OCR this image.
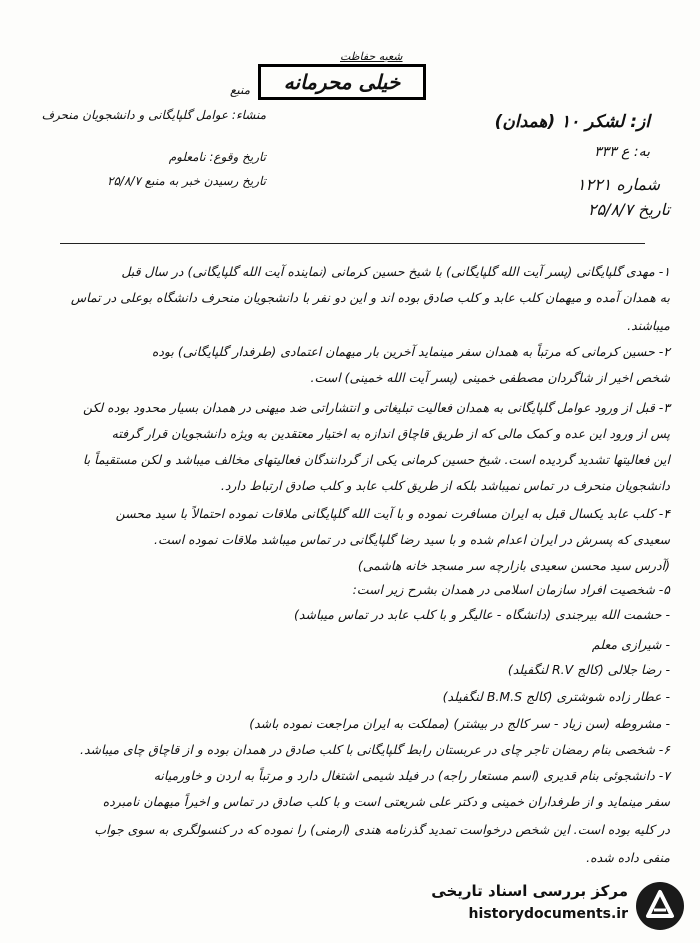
شعبه حفاظت
خیلی محرمانه
منبع
منشاء: عوامل گلپایگانی و دانشجویان منحرف
تاریخ وقوع: نامعلوم
تاریخ رسیدن خبر به منبع ۲۵/۸/۷
از: لشکر ۱۰ (همدان)
به: ع ۳۳۳
شماره ۱۲۲۱
تاریخ ۲۵/۸/۷
۱- مهدی گلپایگانی (پسر آیت الله گلپایگانی) با شیخ حسین کرمانی (نماینده آیت الله گلپایگانی) در سال قبل
به همدان آمده و میهمان کلب عابد و کلب صادق بوده اند و این دو نفر با دانشجویان منحرف دانشگاه بوعلی در تماس
میباشند.
۲- حسین کرمانی که مرتباً به همدان سفر مینماید آخرین بار میهمان اعتمادی (طرفدار گلپایگانی) بوده
شخص اخیر از شاگردان مصطفی خمینی (پسر آیت الله خمینی) است.
۳- قبل از ورود عوامل گلپایگانی به همدان فعالیت تبلیغاتی و انتشاراتی ضد میهنی در همدان بسیار محدود بوده لکن
پس از ورود این عده و کمک مالی که از طریق قاچاق اندازه به اختیار معتقدین به ویژه دانشجویان قرار گرفته
این فعالیتها تشدید گردیده است. شیخ حسین کرمانی یکی از گردانندگان فعالیتهای مخالف میباشد و لکن مستقیماً با
دانشجویان منحرف در تماس نمیباشد بلکه از طریق کلب عابد و کلب صادق ارتباط دارد.
۴- کلب عابد یکسال قبل به ایران مسافرت نموده و با آیت الله گلپایگانی ملاقات نموده احتمالاً با سید محسن
سعیدی که پسرش در ایران اعدام شده و با سید رضا گلپایگانی در تماس میباشد ملاقات نموده است.
(آدرس سید محسن سعیدی بازارچه سر مسجد خانه هاشمی)
۵- شخصیت افراد سازمان اسلامی در همدان بشرح زیر است:
- حشمت الله بیرجندی (دانشگاه - عالیگر و با کلب عابد در تماس میباشد)
- شیرازی معلم
- رضا جلالی (کالج R.V لنگفیلد)
- عطار زاده شوشتری (کالج B.M.S لنگفیلد)
- مشروطه (سن زیاد - سر کالج در بیشتر) (مملکت به ایران مراجعت نموده باشد)
۶- شخصی بنام رمضان تاجر چای در عربستان رابط گلپایگانی با کلب صادق در همدان بوده و از قاچاق چای میباشد.
۷- دانشجوئی بنام قدیری (اسم مستعار راجه) در فیلد شیمی اشتغال دارد و مرتباً به اردن و خاورمیانه
سفر مینماید و از طرفداران خمینی و دکتر علی شریعتی است و با کلب صادق در تماس و اخیراً میهمان نامبرده
در کلیه بوده است. این شخص درخواست تمدید گذرنامه هندی (ارمنی) را نموده که در کنسولگری به سوی جواب
منفی داده شده.
مرکز بررسی اسناد تاریخی
historydocuments.ir
